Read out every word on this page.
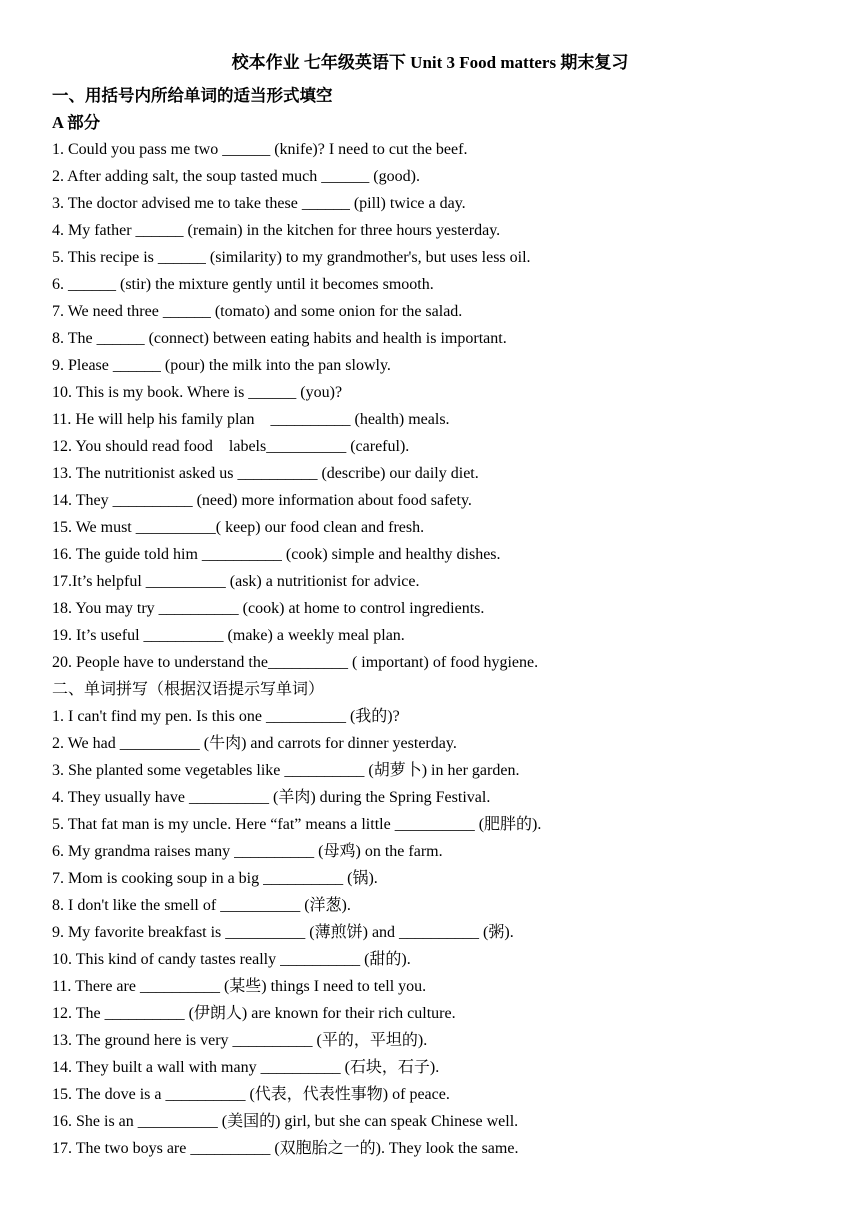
校本作业 七年级英语下 Unit 3 Food matters 期末复习
一、用括号内所给单词的适当形式填空
A 部分
1. Could you pass me two ______ (knife)? I need to cut the beef.
2. After adding salt, the soup tasted much ______ (good).
3. The doctor advised me to take these ______ (pill) twice a day.
4. My father ______ (remain) in the kitchen for three hours yesterday.
5. This recipe is ______ (similarity) to my grandmother's, but uses less oil.
6. ______ (stir) the mixture gently until it becomes smooth.
7. We need three ______ (tomato) and some onion for the salad.
8. The ______ (connect) between eating habits and health is important.
9. Please ______ (pour) the milk into the pan slowly.
10. This is my book. Where is ______ (you)?
11. He will help his family plan    __________ (health) meals.
12. You should read food    labels__________ (careful).
13. The nutritionist asked us __________ (describe) our daily diet.
14. They __________ (need) more information about food safety.
15. We must __________( keep) our food clean and fresh.
16. The guide told him __________ (cook) simple and healthy dishes.
17.It’s helpful __________ (ask) a nutritionist for advice.
18. You may try __________ (cook) at home to control ingredients.
19. It’s useful __________ (make) a weekly meal plan.
20. People have to understand the__________ ( important) of food hygiene.
二、单词拼写（根据汉语提示写单词）
1. I can't find my pen. Is this one __________ (我的)?
2. We had __________ (牛肉) and carrots for dinner yesterday.
3. She planted some vegetables like __________ (胡萝卜) in her garden.
4. They usually have __________ (羊肉) during the Spring Festival.
5. That fat man is my uncle. Here “fat” means a little __________ (肥胖的).
6. My grandma raises many __________ (母鸡) on the farm.
7. Mom is cooking soup in a big __________ (锅).
8. I don't like the smell of __________ (洋葱).
9. My favorite breakfast is __________ (薄煎饼) and __________ (粥).
10. This kind of candy tastes really __________ (甜的).
11. There are __________ (某些) things I need to tell you.
12. The __________ (伊朗人) are known for their rich culture.
13. The ground here is very __________ (平的，平坦的).
14. They built a wall with many __________ (石块，石子).
15. The dove is a __________ (代表，代表性事物) of peace.
16. She is an __________ (美国的) girl, but she can speak Chinese well.
17. The two boys are __________ (双胞胎之一的). They look the same.
